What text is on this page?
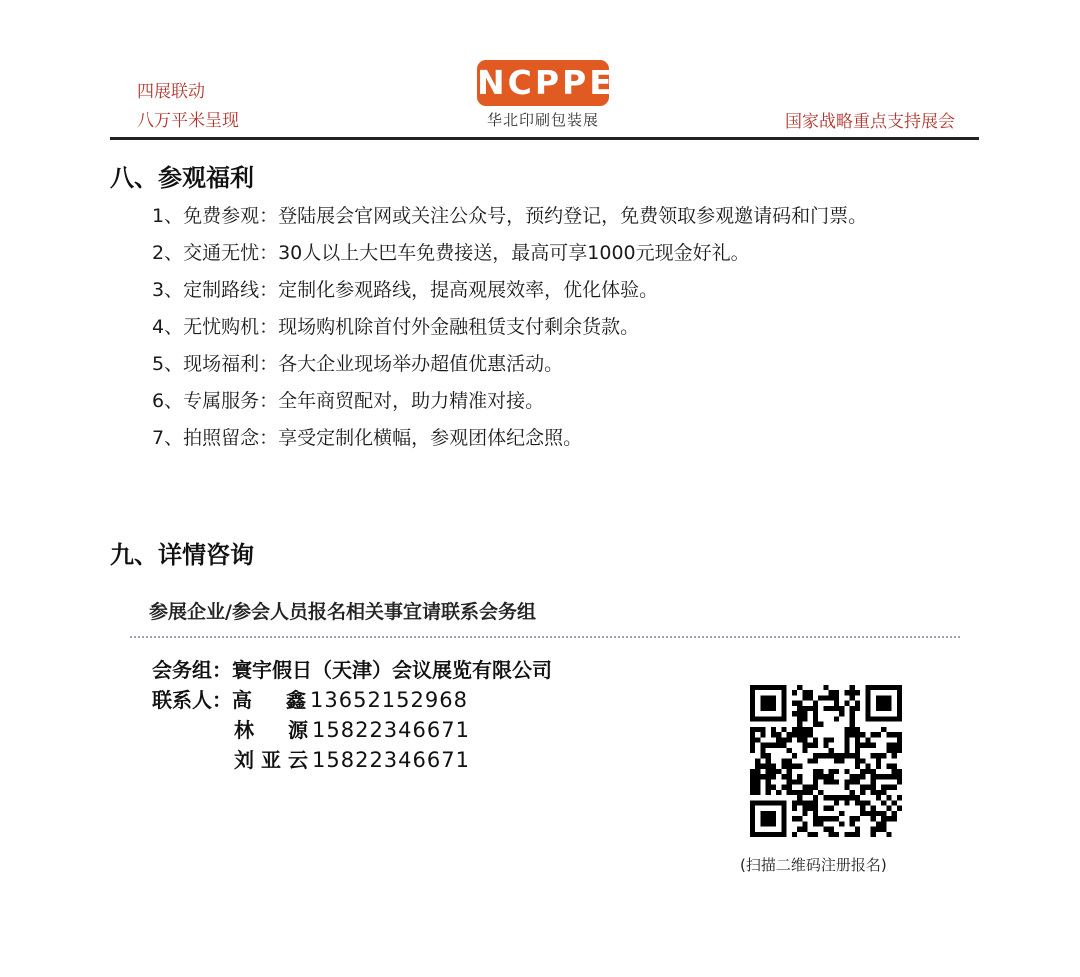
四展联动
八万平米呈现
NCPPE
华北印刷包装展	国家战略重点支持展会
八、参观福利
1、免费参观：登陆展会官网或关注公众号，预约登记，免费领取参观邀请码和门票。
2、交通无忧：30人以上大巴车免费接送，最高可享1000元现金好礼。
3、定制路线：定制化参观路线，提高观展效率，优化体验。
4、无忧购机：现场购机除首付外金融租赁支付剩余货款。
5、现场福利：各大企业现场举办超值优惠活动。
6、专属服务：全年商贸配对，助力精准对接。
7、拍照留念：享受定制化横幅，参观团体纪念照。
九、详情咨询
参展企业/参会人员报名相关事宜请联系会务组
会务组：寰宇假日（天津）会议展览有限公司
联系人：高鑫 13652152968
林源 15822346671
刘亚云 15822346671
(扫描二维码注册报名)
